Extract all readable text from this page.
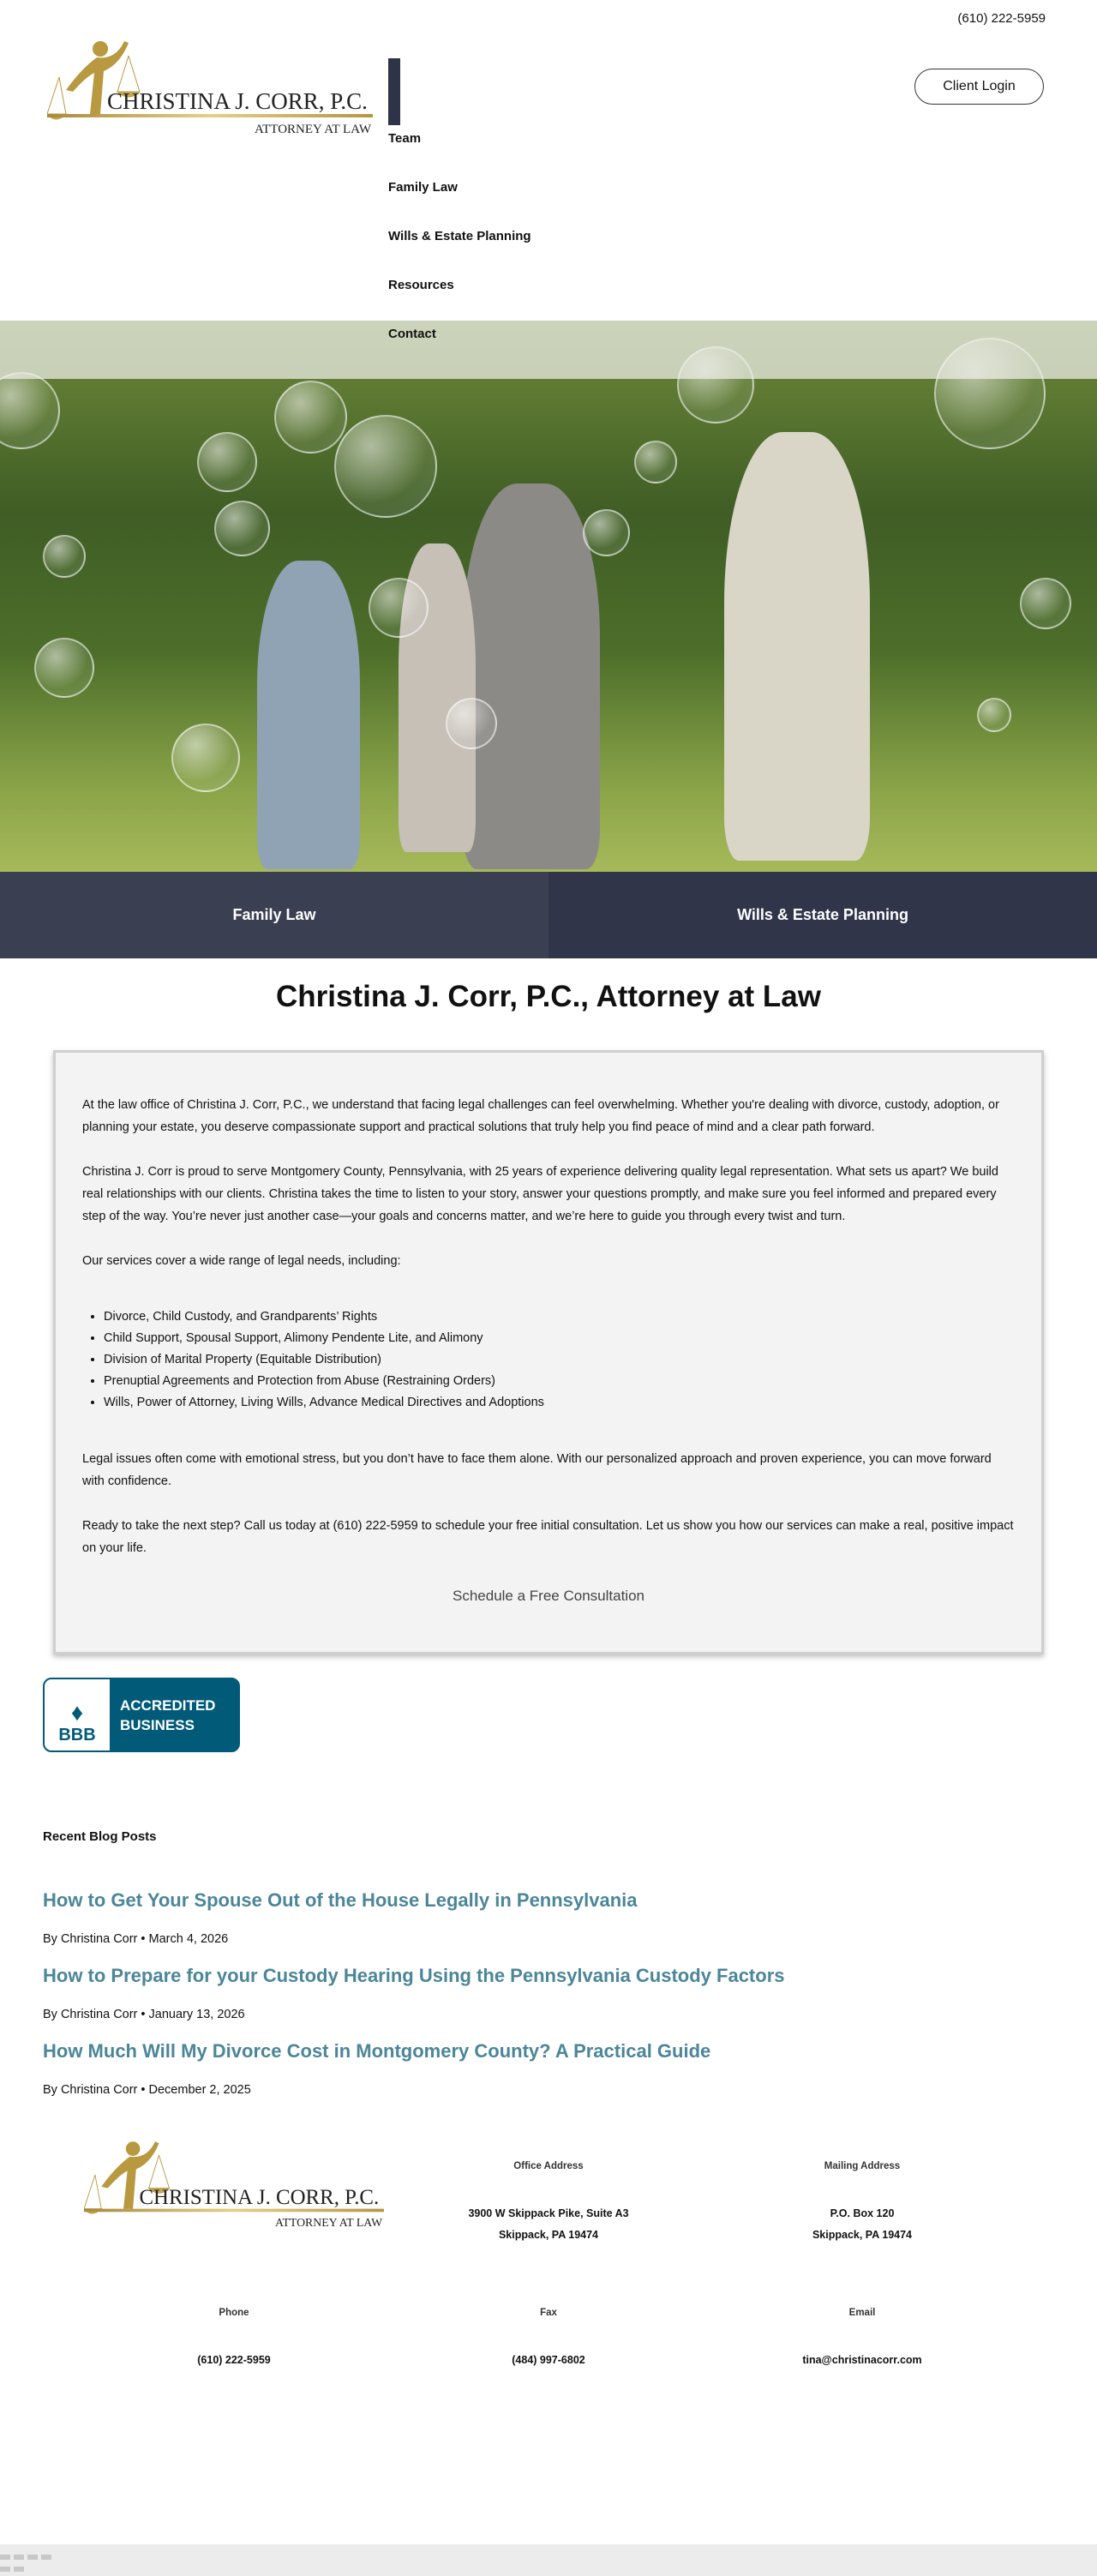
(610) 222-5959
CHRISTINA J. CORR, P.C.
ATTORNEY AT LAW
Team
Family Law
Wills & Estate Planning
Resources
Contact
Client Login
Family Law	Wills & Estate Planning
Christina J. Corr, P.C., Attorney at Law

At the law office of Christina J. Corr, P.C., we understand that facing legal challenges can feel overwhelming. Whether you're dealing with divorce, custody, adoption, or planning your estate, you deserve compassionate support and practical solutions that truly help you find peace of mind and a clear path forward.

Christina J. Corr is proud to serve Montgomery County, Pennsylvania, with 25 years of experience delivering quality legal representation. What sets us apart? We build real relationships with our clients. Christina takes the time to listen to your story, answer your questions promptly, and make sure you feel informed and prepared every step of the way. You’re never just another case—your goals and concerns matter, and we’re here to guide you through every twist and turn.

Our services cover a wide range of legal needs, including:

• Divorce, Child Custody, and Grandparents’ Rights
• Child Support, Spousal Support, Alimony Pendente Lite, and Alimony
• Division of Marital Property (Equitable Distribution)
• Prenuptial Agreements and Protection from Abuse (Restraining Orders)
• Wills, Power of Attorney, Living Wills, Advance Medical Directives and Adoptions

Legal issues often come with emotional stress, but you don’t have to face them alone. With our personalized approach and proven experience, you can move forward with confidence.

Ready to take the next step? Call us today at (610) 222-5959 to schedule your free initial consultation. Let us show you how our services can make a real, positive impact on your life.

Schedule a Free Consultation
♦
BBB
ACCREDITED
BUSINESS
Recent Blog Posts
How to Get Your Spouse Out of the House Legally in Pennsylvania
By Christina Corr • March 4, 2026
How to Prepare for your Custody Hearing Using the Pennsylvania Custody Factors
By Christina Corr • January 13, 2026
How Much Will My Divorce Cost in Montgomery County? A Practical Guide
By Christina Corr • December 2, 2025
CHRISTINA J. CORR, P.C.
ATTORNEY AT LAW
Office Address
3900 W Skippack Pike, Suite A3
Skippack, PA 19474
Mailing Address
P.O. Box 120
Skippack, PA 19474
Phone
(610) 222-5959
Fax
(484) 997-6802
Email
tina@christinacorr.com
